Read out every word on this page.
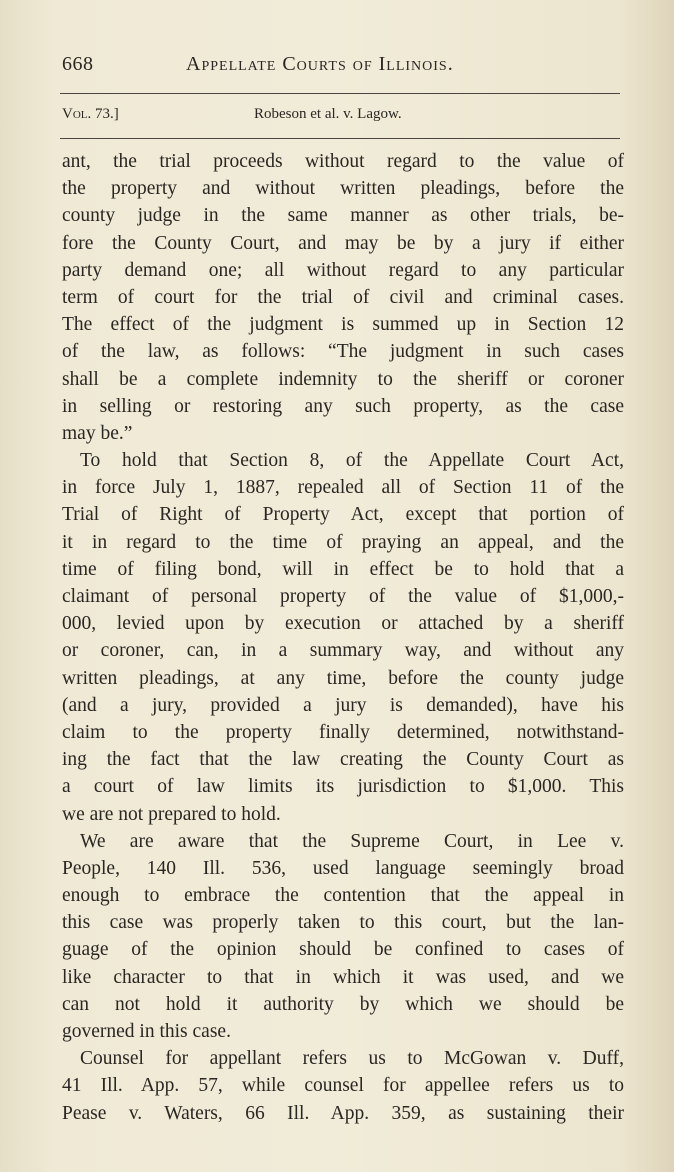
668	Appellate Courts of Illinois.
Vol. 73.]	Robeson et al. v. Lagow.
ant, the trial proceeds without regard to the value of
the property and without written pleadings, before the
county judge in the same manner as other trials, be-
fore the County Court, and may be by a jury if either
party demand one; all without regard to any particular
term of court for the trial of civil and criminal cases.
The effect of the judgment is summed up in Section 12
of the law, as follows: “The judgment in such cases
shall be a complete indemnity to the sheriff or coroner
in selling or restoring any such property, as the case
may be.”
To hold that Section 8, of the Appellate Court Act,
in force July 1, 1887, repealed all of Section 11 of the
Trial of Right of Property Act, except that portion of
it in regard to the time of praying an appeal, and the
time of filing bond, will in effect be to hold that a
claimant of personal property of the value of $1,000,-
000, levied upon by execution or attached by a sheriff
or coroner, can, in a summary way, and without any
written pleadings, at any time, before the county judge
(and a jury, provided a jury is demanded), have his
claim to the property finally determined, notwithstand-
ing the fact that the law creating the County Court as
a court of law limits its jurisdiction to $1,000. This
we are not prepared to hold.
We are aware that the Supreme Court, in Lee v.
People, 140 Ill. 536, used language seemingly broad
enough to embrace the contention that the appeal in
this case was properly taken to this court, but the lan-
guage of the opinion should be confined to cases of
like character to that in which it was used, and we
can not hold it authority by which we should be
governed in this case.
Counsel for appellant refers us to McGowan v. Duff,
41 Ill. App. 57, while counsel for appellee refers us to
Pease v. Waters, 66 Ill. App. 359, as sustaining their
